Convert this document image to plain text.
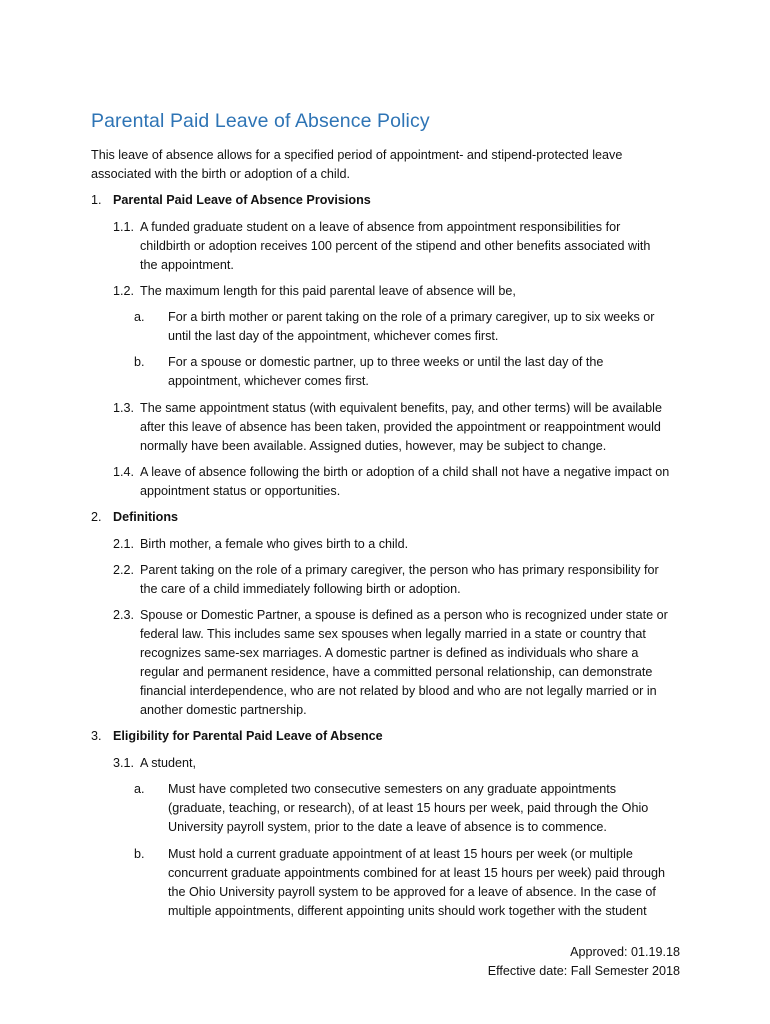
Parental Paid Leave of Absence Policy
This leave of absence allows for a specified period of appointment- and stipend-protected leave
associated with the birth or adoption of a child.
1. Parental Paid Leave of Absence Provisions
1.1. A funded graduate student on a leave of absence from appointment responsibilities for
childbirth or adoption receives 100 percent of the stipend and other benefits associated with
the appointment.
1.2. The maximum length for this paid parental leave of absence will be,
a. For a birth mother or parent taking on the role of a primary caregiver, up to six weeks or
until the last day of the appointment, whichever comes first.
b. For a spouse or domestic partner, up to three weeks or until the last day of the
appointment, whichever comes first.
1.3. The same appointment status (with equivalent benefits, pay, and other terms) will be available
after this leave of absence has been taken, provided the appointment or reappointment would
normally have been available. Assigned duties, however, may be subject to change.
1.4. A leave of absence following the birth or adoption of a child shall not have a negative impact on
appointment status or opportunities.
2. Definitions
2.1. Birth mother, a female who gives birth to a child.
2.2. Parent taking on the role of a primary caregiver, the person who has primary responsibility for
the care of a child immediately following birth or adoption.
2.3. Spouse or Domestic Partner, a spouse is defined as a person who is recognized under state or
federal law. This includes same sex spouses when legally married in a state or country that
recognizes same-sex marriages. A domestic partner is defined as individuals who share a
regular and permanent residence, have a committed personal relationship, can demonstrate
financial interdependence, who are not related by blood and who are not legally married or in
another domestic partnership.
3. Eligibility for Parental Paid Leave of Absence
3.1. A student,
a. Must have completed two consecutive semesters on any graduate appointments
(graduate, teaching, or research), of at least 15 hours per week, paid through the Ohio
University payroll system, prior to the date a leave of absence is to commence.
b. Must hold a current graduate appointment of at least 15 hours per week (or multiple
concurrent graduate appointments combined for at least 15 hours per week) paid through
the Ohio University payroll system to be approved for a leave of absence. In the case of
multiple appointments, different appointing units should work together with the student
Approved: 01.19.18
Effective date: Fall Semester 2018
